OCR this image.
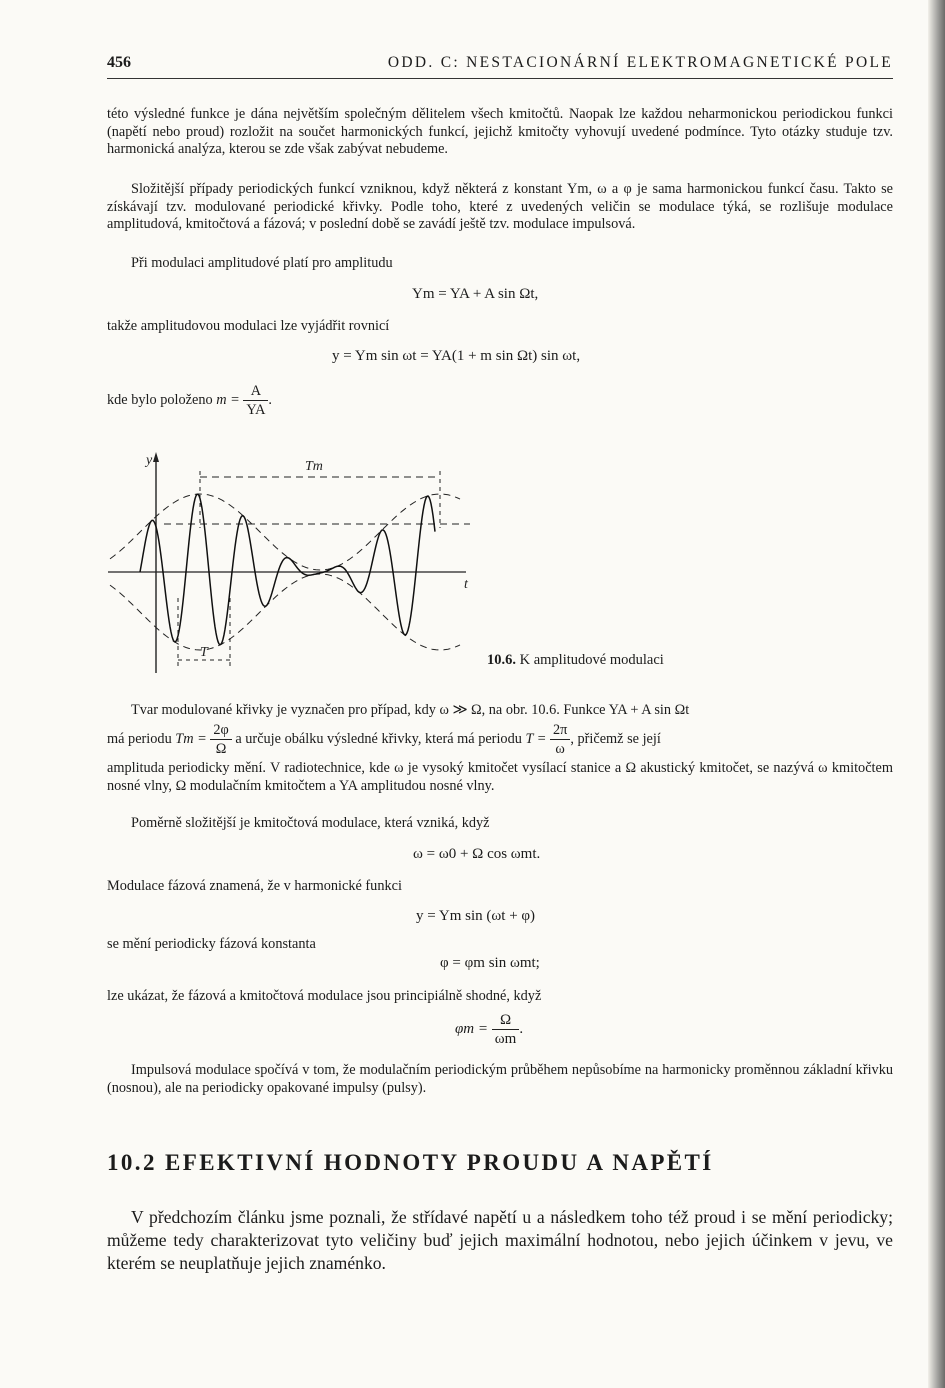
456	ODD. C: NESTACIONÁRNÍ ELEKTROMAGNETICKÉ POLE

této výsledné funkce je dána největším společným dělitelem všech kmitočtů. Naopak lze každou neharmonickou periodickou funkci (napětí nebo proud) rozložit na součet harmonických funkcí, jejichž kmitočty vyhovují uvedené podmínce. Tyto otázky studuje tzv. harmonická analýza, kterou se zde však zabývat nebudeme.

Složitější případy periodických funkcí vzniknou, když některá z konstant Ym, ω a φ je sama harmonickou funkcí času. Takto se získávají tzv. modulované periodické křivky. Podle toho, které z uvedených veličin se modulace týká, se rozlišuje modulace amplitudová, kmitočtová a fázová; v poslední době se zavádí ještě tzv. modulace impulsová.

Při modulaci amplitudové platí pro amplitudu

Ym = YA + A sin Ωt,

takže amplitudovou modulaci lze vyjádřit rovnicí

y = Ym sin ωt = YA(1 + m sin Ωt) sin ωt,
kde bylo položeno $m = \frac{A}{YA}$ .
y
t
Tm
T	10.6. K amplitudové modulaci

Tvar modulované křivky je vyznačen pro případ, kdy ω ≫ Ω, na obr. 10.6. Funkce YA + A sin Ωt

má periodu $Tm = \frac{2\varphi}{\Omega}$ a určuje obálku výsledné křivky, která má periodu $T = \frac{2\pi}{\omega}$ , přičemž se její

amplituda periodicky mění. V radiotechnice, kde ω je vysoký kmitočet vysílací stanice a Ω akustický kmitočet, se nazývá ω kmitočtem nosné vlny, Ω modulačním kmitočtem a YA amplitudou nosné vlny.

Poměrně složitější je kmitočtová modulace, která vzniká, když

ω = ω0 + Ω cos ωmt.

Modulace fázová znamená, že v harmonické funkci

y = Ym sin (ωt + φ)

se mění periodicky fázová konstanta

φ = φm sin ωmt;

lze ukázat, že fázová a kmitočtová modulace jsou principiálně shodné, když

$\varphi m = \frac{\Omega}{\omega m}$ .

Impulsová modulace spočívá v tom, že modulačním periodickým průběhem nepůsobíme na harmonicky proměnnou základní křivku (nosnou), ale na periodicky opakované impulsy (pulsy).

10.2 EFEKTIVNÍ HODNOTY PROUDU A NAPĚTÍ

V předchozím článku jsme poznali, že střídavé napětí u a následkem toho též proud i se mění periodicky; můžeme tedy charakterizovat tyto veličiny buď jejich maximální hodnotou, nebo jejich účinkem v jevu, ve kterém se neuplatňuje jejich znaménko.
